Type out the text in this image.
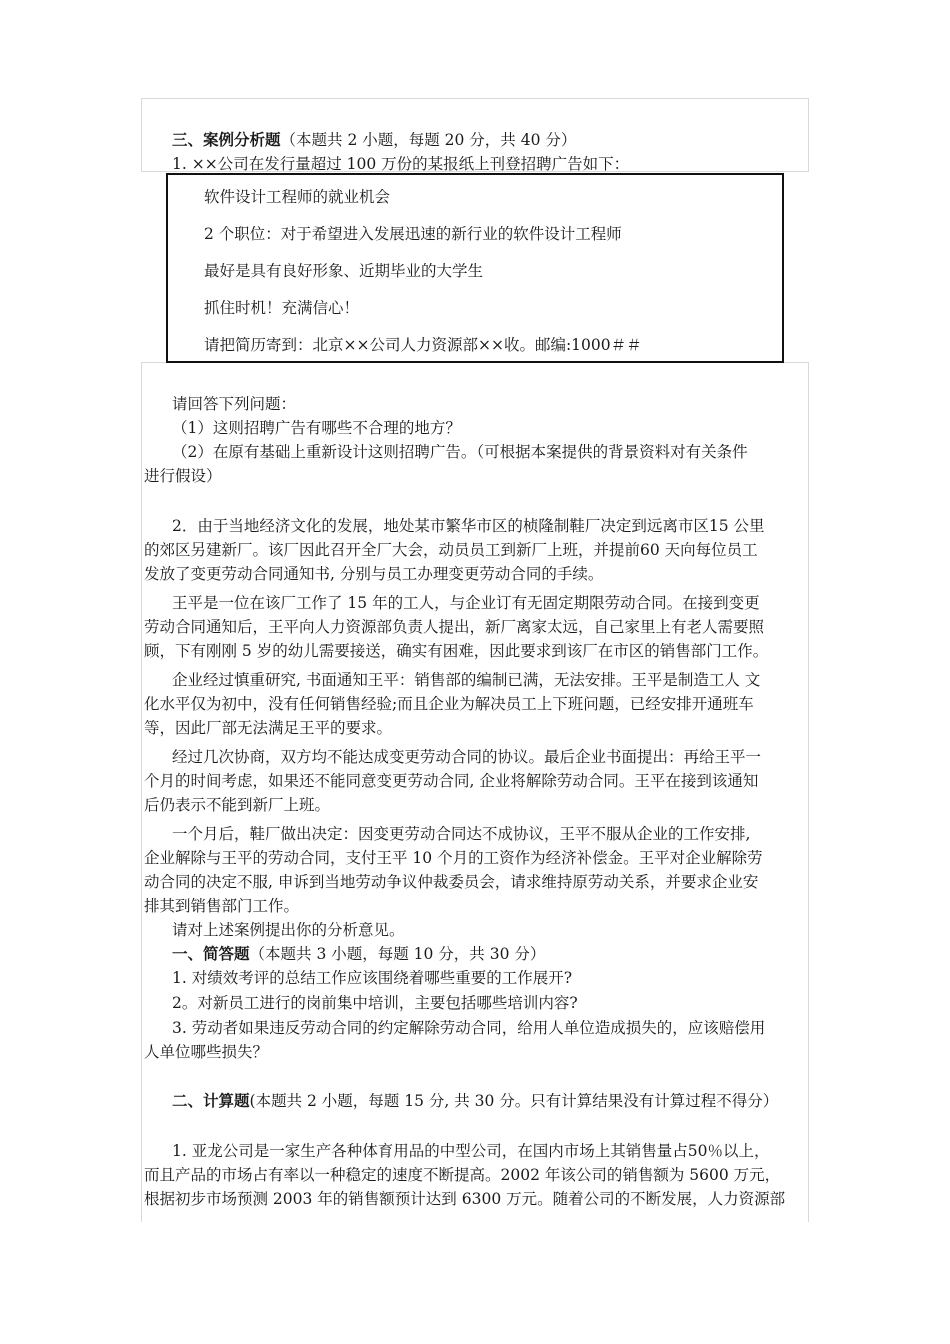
三、案例分析题（本题共 2 小题，每题 20 分，共 40 分）
1. ××公司在发行量超过 100 万份的某报纸上刊登招聘广告如下：
软件设计工程师的就业机会
2 个职位：对于希望进入发展迅速的新行业的软件设计工程师
最好是具有良好形象、近期毕业的大学生
抓住时机！充满信心！
请把简历寄到：北京××公司人力资源部××收。邮编:1000＃＃
请回答下列问题：
（1）这则招聘广告有哪些不合理的地方？
（2）在原有基础上重新设计这则招聘广告。（可根据本案提供的背景资料对有关条件
进行假设）
2．由于当地经济文化的发展，地处某市繁华市区的桢隆制鞋厂决定到远离市区15 公里
的郊区另建新厂。该厂因此召开全厂大会，动员员工到新厂上班，并提前60 天向每位员工
发放了变更劳动合同通知书, 分别与员工办理变更劳动合同的手续。
王平是一位在该厂工作了 15 年的工人，与企业订有无固定期限劳动合同。在接到变更
劳动合同通知后，王平向人力资源部负责人提出，新厂离家太远，自己家里上有老人需要照
顾，下有刚刚 5 岁的幼儿需要接送，确实有困难，因此要求到该厂在市区的销售部门工作。
企业经过慎重研究, 书面通知王平：销售部的编制已满，无法安排。王平是制造工人 文
化水平仅为初中，没有任何销售经验;而且企业为解决员工上下班问题，已经安排开通班车
等，因此厂部无法满足王平的要求。
经过几次协商，双方均不能达成变更劳动合同的协议。最后企业书面提出：再给王平一
个月的时间考虑，如果还不能同意变更劳动合同, 企业将解除劳动合同。王平在接到该通知
后仍表示不能到新厂上班。
一个月后，鞋厂做出决定：因变更劳动合同达不成协议，王平不服从企业的工作安排,
企业解除与王平的劳动合同，支付王平 10 个月的工资作为经济补偿金。王平对企业解除劳
动合同的决定不服, 申诉到当地劳动争议仲裁委员会，请求维持原劳动关系，并要求企业安
排其到销售部门工作。
请对上述案例提出你的分析意见。
一、简答题（本题共 3 小题，每题 10 分，共 30 分）
1. 对绩效考评的总结工作应该围绕着哪些重要的工作展开?
2。对新员工进行的岗前集中培训，主要包括哪些培训内容?
3. 劳动者如果违反劳动合同的约定解除劳动合同，给用人单位造成损失的，应该赔偿用
人单位哪些损失？
二、计算题(本题共 2 小题，每题 15 分, 共 30 分。只有计算结果没有计算过程不得分）
1. 亚龙公司是一家生产各种体育用品的中型公司，在国内市场上其销售量占50％以上，
而且产品的市场占有率以一种稳定的速度不断提高。2002 年该公司的销售额为 5600 万元，
根据初步市场预测 2003 年的销售额预计达到 6300 万元。随着公司的不断发展，人力资源部
